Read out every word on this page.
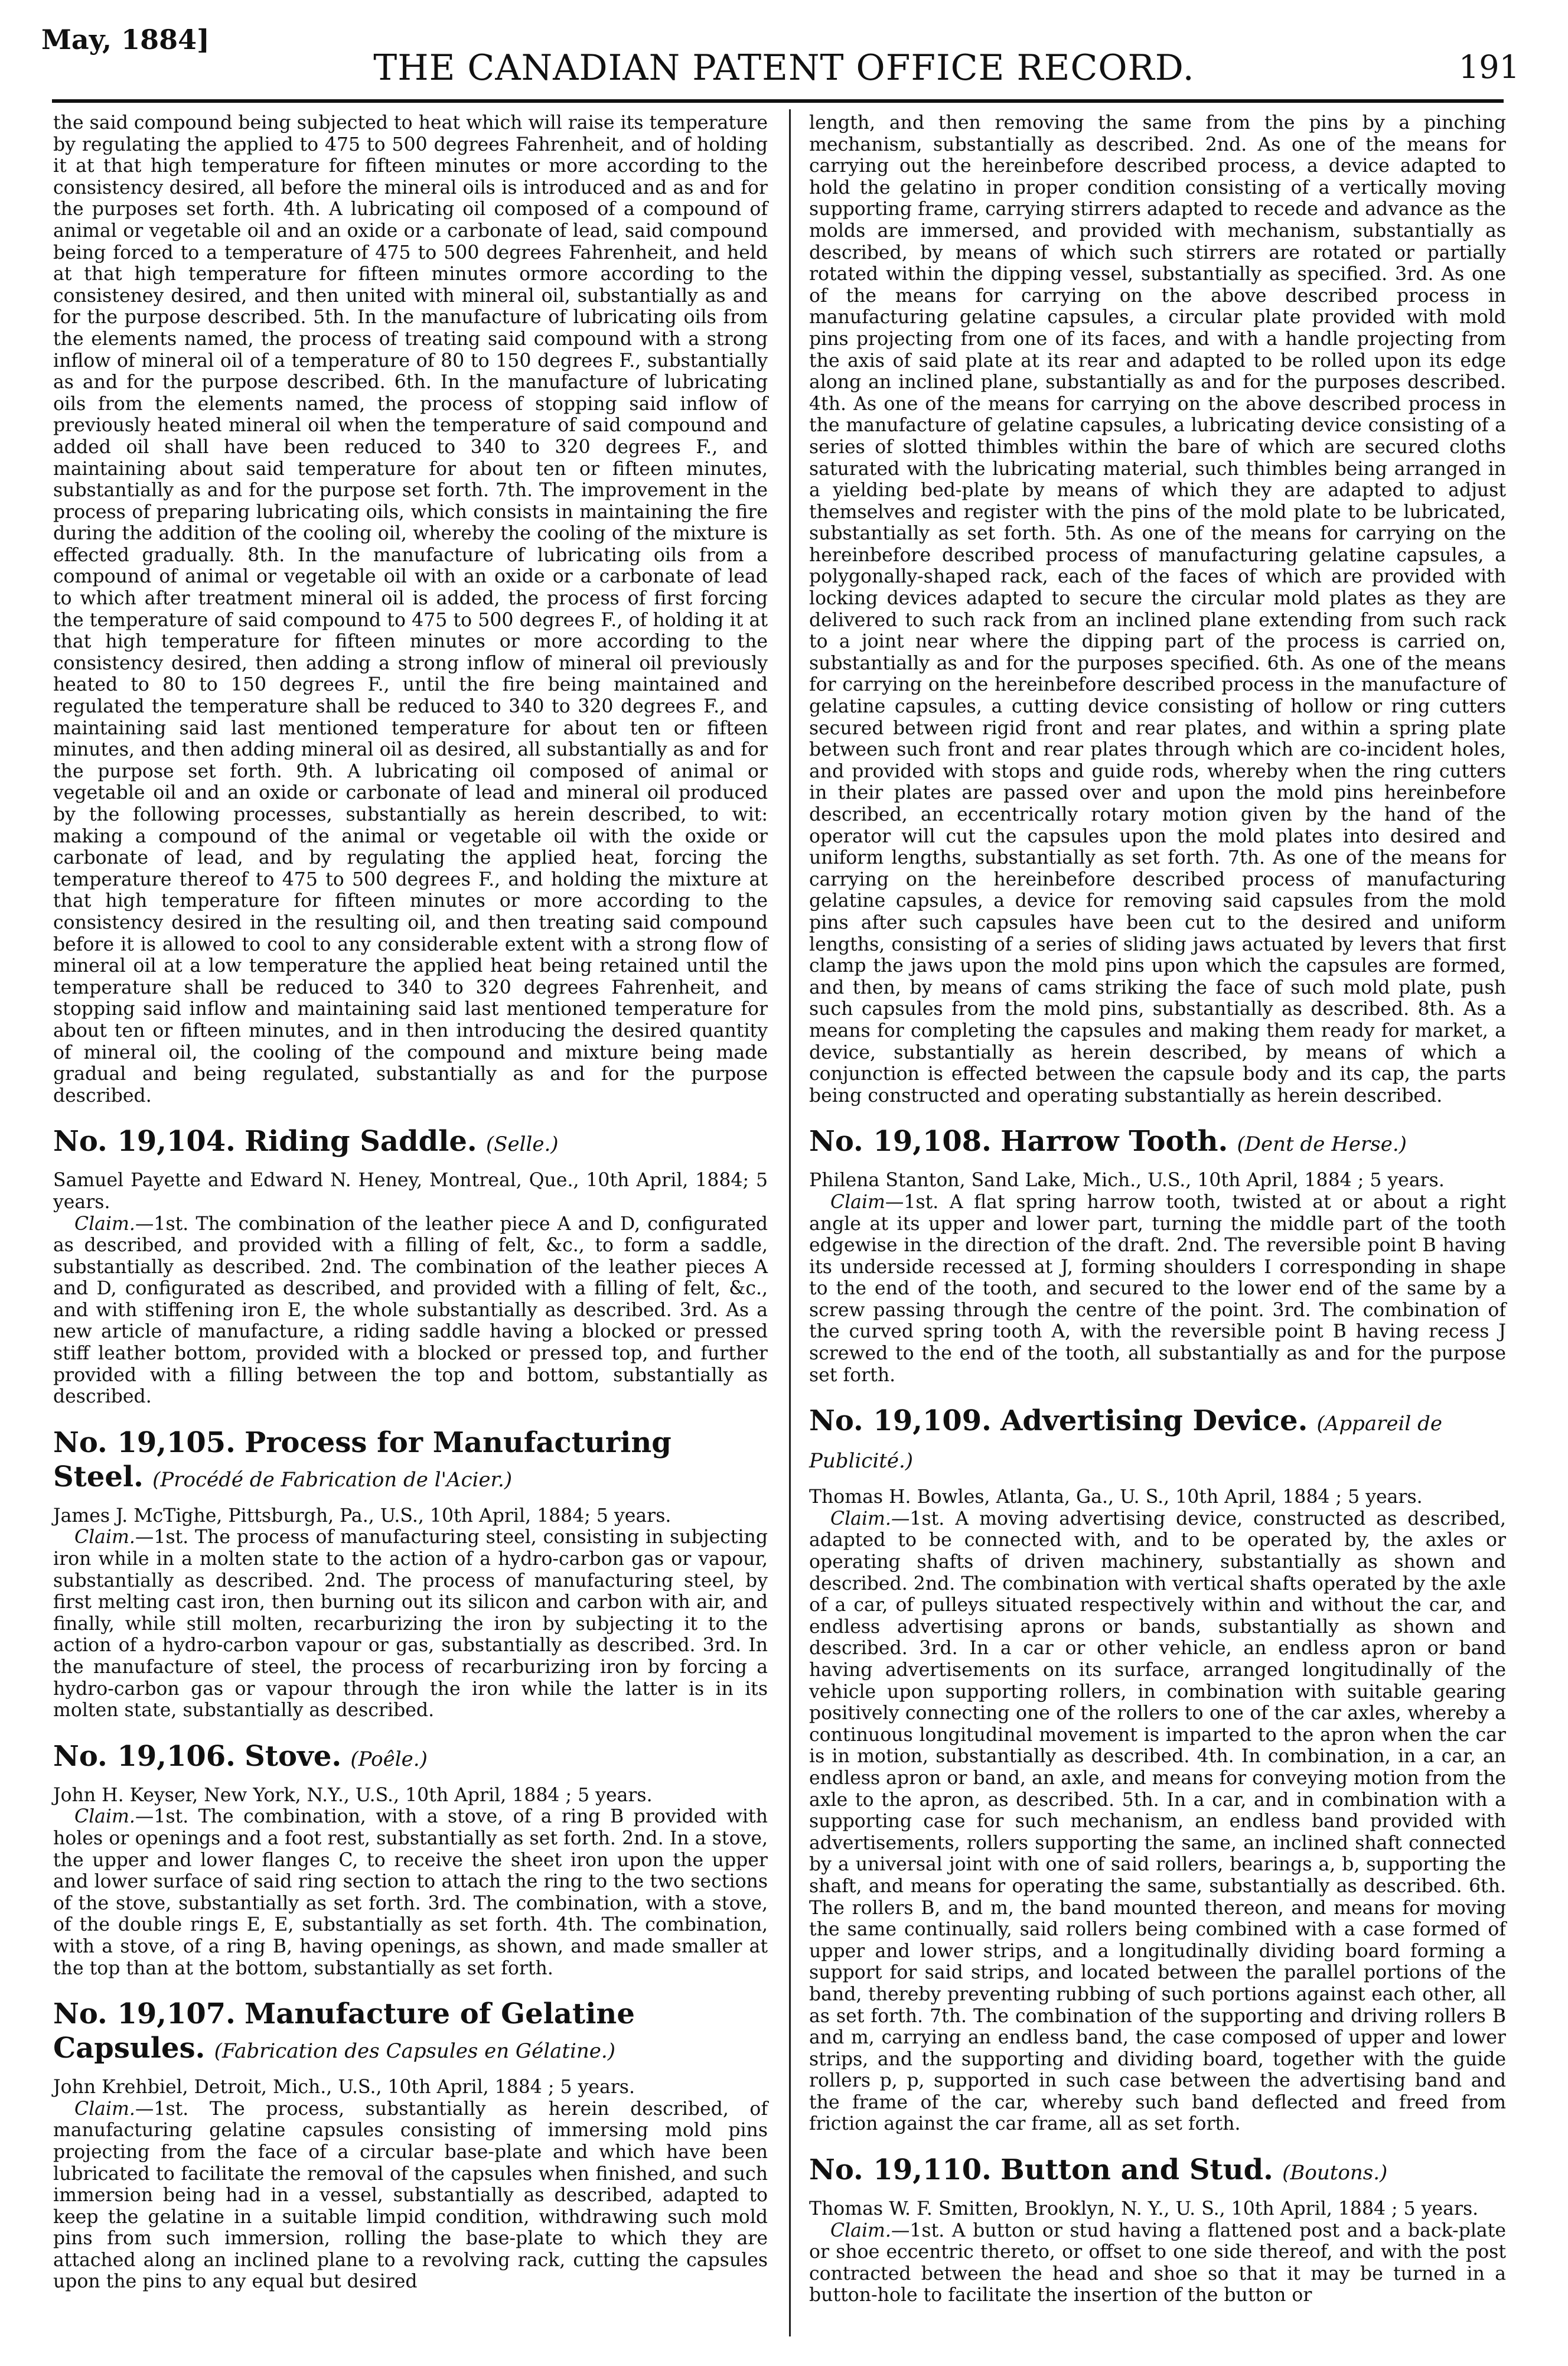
May, 1884]
THE CANADIAN PATENT OFFICE RECORD.	191

the said compound being subjected to heat which will raise its temperature by regulating the applied to 475 to 500 degrees Fahrenheit, and of holding it at that high temperature for fifteen minutes or more according to the consistency desired, all before the mineral oils is introduced and as and for the purposes set forth. 4th. A lubricating oil composed of a compound of animal or vegetable oil and an oxide or a carbonate of lead, said compound being forced to a temperature of 475 to 500 degrees Fahrenheit, and held at that high temperature for fifteen minutes ormore according to the consisteney desired, and then united with mineral oil, substantially as and for the purpose described. 5th. In the manufacture of lubricating oils from the elements named, the process of treating said compound with a strong inflow of mineral oil of a temperature of 80 to 150 degrees F., substantially as and for the purpose described. 6th. In the manufacture of lubricating oils from the elements named, the process of stopping said inflow of previously heated mineral oil when the temperature of said compound and added oil shall have been reduced to 340 to 320 degrees F., and maintaining about said temperature for about ten or fifteen minutes, substantially as and for the purpose set forth. 7th. The improvement in the process of preparing lubricating oils, which consists in maintaining the fire during the addition of the cooling oil, whereby the cooling of the mixture is effected gradually. 8th. In the manufacture of lubricating oils from a compound of animal or vegetable oil with an oxide or a carbonate of lead to which after treatment mineral oil is added, the process of first forcing the temperature of said compound to 475 to 500 degrees F., of holding it at that high temperature for fifteen minutes or more according to the consistency desired, then adding a strong inflow of mineral oil previously heated to 80 to 150 degrees F., until the fire being maintained and regulated the temperature shall be reduced to 340 to 320 degrees F., and maintaining said last mentioned temperature for about ten or fifteen minutes, and then adding mineral oil as desired, all substantially as and for the purpose set forth. 9th. A lubricating oil composed of animal or vegetable oil and an oxide or carbonate of lead and mineral oil produced by the following processes, substantially as herein described, to wit: making a compound of the animal or vegetable oil with the oxide or carbonate of lead, and by regulating the applied heat, forcing the temperature thereof to 475 to 500 degrees F., and holding the mixture at that high temperature for fifteen minutes or more according to the consistency desired in the resulting oil, and then treating said compound before it is allowed to cool to any considerable extent with a strong flow of mineral oil at a low temperature the applied heat being retained until the temperature shall be reduced to 340 to 320 degrees Fahrenheit, and stopping said inflow and maintaining said last mentioned temperature for about ten or fifteen minutes, and in then introducing the desired quantity of mineral oil, the cooling of the compound and mixture being made gradual and being regulated, substantially as and for the purpose described.

No. 19,104. Riding Saddle. (Selle.)

Samuel Payette and Edward N. Heney, Montreal, Que., 10th April, 1884; 5 years.

Claim.—1st. The combination of the leather piece A and D, configurated as described, and provided with a filling of felt, &c., to form a saddle, substantially as described. 2nd. The combination of the leather pieces A and D, configurated as described, and provided with a filling of felt, &c., and with stiffening iron E, the whole substantially as described. 3rd. As a new article of manufacture, a riding saddle having a blocked or pressed stiff leather bottom, provided with a blocked or pressed top, and further provided with a filling between the top and bottom, substantially as described.

No. 19,105. Process for Manufacturing Steel. (Procédé de Fabrication de l'Acier.)

James J. McTighe, Pittsburgh, Pa., U.S., 10th April, 1884; 5 years.

Claim.—1st. The process of manufacturing steel, consisting in subjecting iron while in a molten state to the action of a hydro-carbon gas or vapour, substantially as described. 2nd. The process of manufacturing steel, by first melting cast iron, then burning out its silicon and carbon with air, and finally, while still molten, recarburizing the iron by subjecting it to the action of a hydro-carbon vapour or gas, substantially as described. 3rd. In the manufacture of steel, the process of recarburizing iron by forcing a hydro-carbon gas or vapour through the iron while the latter is in its molten state, substantially as described.

No. 19,106. Stove. (Poêle.)

John H. Keyser, New York, N.Y., U.S., 10th April, 1884 ; 5 years.

Claim.—1st. The combination, with a stove, of a ring B provided with holes or openings and a foot rest, substantially as set forth. 2nd. In a stove, the upper and lower flanges C, to receive the sheet iron upon the upper and lower surface of said ring section to attach the ring to the two sections of the stove, substantially as set forth. 3rd. The combination, with a stove, of the double rings E, E, substantially as set forth. 4th. The combination, with a stove, of a ring B, having openings, as shown, and made smaller at the top than at the bottom, substantially as set forth.

No. 19,107. Manufacture of Gelatine Capsules. (Fabrication des Capsules en Gélatine.)

John Krehbiel, Detroit, Mich., U.S., 10th April, 1884 ; 5 years.

Claim.—1st. The process, substantially as herein described, of manufacturing gelatine capsules consisting of immersing mold pins projecting from the face of a circular base-plate and which have been lubricated to facilitate the removal of the capsules when finished, and such immersion being had in a vessel, substantially as described, adapted to keep the gelatine in a suitable limpid condition, withdrawing such mold pins from such immersion, rolling the base-plate to which they are attached along an inclined plane to a revolving rack, cutting the capsules upon the pins to any equal but desired

length, and then removing the same from the pins by a pinching mechanism, substantially as described. 2nd. As one of the means for carrying out the hereinbefore described process, a device adapted to hold the gelatino in proper condition consisting of a vertically moving supporting frame, carrying stirrers adapted to recede and advance as the molds are immersed, and provided with mechanism, substantially as described, by means of which such stirrers are rotated or partially rotated within the dipping vessel, substantially as specified. 3rd. As one of the means for carrying on the above described process in manufacturing gelatine capsules, a circular plate provided with mold pins projecting from one of its faces, and with a handle projecting from the axis of said plate at its rear and adapted to be rolled upon its edge along an inclined plane, substantially as and for the purposes described. 4th. As one of the means for carrying on the above described process in the manufacture of gelatine capsules, a lubricating device consisting of a series of slotted thimbles within the bare of which are secured cloths saturated with the lubricating material, such thimbles being arranged in a yielding bed-plate by means of which they are adapted to adjust themselves and register with the pins of the mold plate to be lubricated, substantially as set forth. 5th. As one of the means for carrying on the hereinbefore described process of manufacturing gelatine capsules, a polygonally-shaped rack, each of the faces of which are provided with locking devices adapted to secure the circular mold plates as they are delivered to such rack from an inclined plane extending from such rack to a joint near where the dipping part of the process is carried on, substantially as and for the purposes specified. 6th. As one of the means for carrying on the hereinbefore described process in the manufacture of gelatine capsules, a cutting device consisting of hollow or ring cutters secured between rigid front and rear plates, and within a spring plate between such front and rear plates through which are co-incident holes, and provided with stops and guide rods, whereby when the ring cutters in their plates are passed over and upon the mold pins hereinbefore described, an eccentrically rotary motion given by the hand of the operator will cut the capsules upon the mold plates into desired and uniform lengths, substantially as set forth. 7th. As one of the means for carrying on the hereinbefore described process of manufacturing gelatine capsules, a device for removing said capsules from the mold pins after such capsules have been cut to the desired and uniform lengths, consisting of a series of sliding jaws actuated by levers that first clamp the jaws upon the mold pins upon which the capsules are formed, and then, by means of cams striking the face of such mold plate, push such capsules from the mold pins, substantially as described. 8th. As a means for completing the capsules and making them ready for market, a device, substantially as herein described, by means of which a conjunction is effected between the capsule body and its cap, the parts being constructed and operating substantially as herein described.

No. 19,108. Harrow Tooth. (Dent de Herse.)

Philena Stanton, Sand Lake, Mich., U.S., 10th April, 1884 ; 5 years.

Claim—1st. A flat spring harrow tooth, twisted at or about a right angle at its upper and lower part, turning the middle part of the tooth edgewise in the direction of the draft. 2nd. The reversible point B having its underside recessed at J, forming shoulders I corresponding in shape to the end of the tooth, and secured to the lower end of the same by a screw passing through the centre of the point. 3rd. The combination of the curved spring tooth A, with the reversible point B having recess J screwed to the end of the tooth, all substantially as and for the purpose set forth.

No. 19,109. Advertising Device. (Appareil de Publicité.)

Thomas H. Bowles, Atlanta, Ga., U. S., 10th April, 1884 ; 5 years.

Claim.—1st. A moving advertising device, constructed as described, adapted to be connected with, and to be operated by, the axles or operating shafts of driven machinery, substantially as shown and described. 2nd. The combination with vertical shafts operated by the axle of a car, of pulleys situated respectively within and without the car, and endless advertising aprons or bands, substantially as shown and described. 3rd. In a car or other vehicle, an endless apron or band having advertisements on its surface, arranged longitudinally of the vehicle upon supporting rollers, in combination with suitable gearing positively connecting one of the rollers to one of the car axles, whereby a continuous longitudinal movement is imparted to the apron when the car is in motion, substantially as described. 4th. In combination, in a car, an endless apron or band, an axle, and means for conveying motion from the axle to the apron, as described. 5th. In a car, and in combination with a supporting case for such mechanism, an endless band provided with advertisements, rollers supporting the same, an inclined shaft connected by a universal joint with one of said rollers, bearings a, b, supporting the shaft, and means for operating the same, substantially as described. 6th. The rollers B, and m, the band mounted thereon, and means for moving the same continually, said rollers being combined with a case formed of upper and lower strips, and a longitudinally dividing board forming a support for said strips, and located between the parallel portions of the band, thereby preventing rubbing of such portions against each other, all as set forth. 7th. The combination of the supporting and driving rollers B and m, carrying an endless band, the case composed of upper and lower strips, and the supporting and dividing board, together with the guide rollers p, p, supported in such case between the advertising band and the frame of the car, whereby such band deflected and freed from friction against the car frame, all as set forth.

No. 19,110. Button and Stud. (Boutons.)

Thomas W. F. Smitten, Brooklyn, N. Y., U. S., 10th April, 1884 ; 5 years.

Claim.—1st. A button or stud having a flattened post and a back-plate or shoe eccentric thereto, or offset to one side thereof, and with the post contracted between the head and shoe so that it may be turned in a button-hole to facilitate the insertion of the button or
